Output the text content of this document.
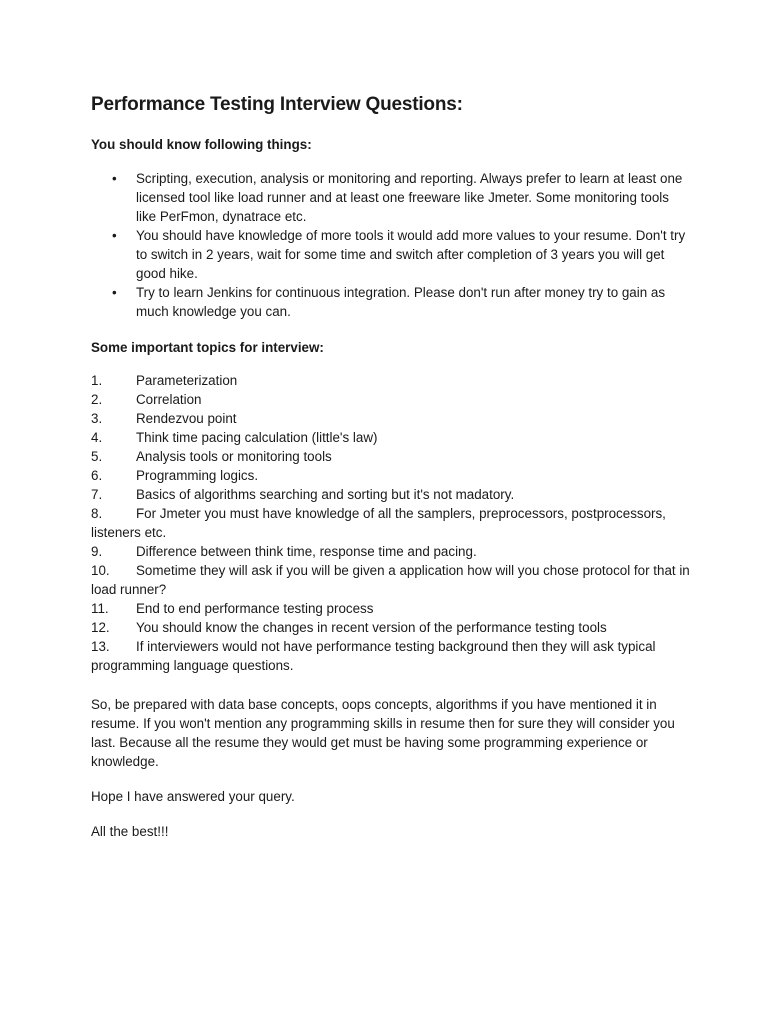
Performance Testing Interview Questions:

You should know following things:

• Scripting, execution, analysis or monitoring and reporting. Always prefer to learn at least one licensed tool like load runner and at least one freeware like Jmeter. Some monitoring tools like PerFmon, dynatrace etc.
• You should have knowledge of more tools it would add more values to your resume. Don't try to switch in 2 years, wait for some time and switch after completion of 3 years you will get good hike.
• Try to learn Jenkins for continuous integration. Please don't run after money try to gain as much knowledge you can.

Some important topics for interview:

1.	Parameterization
2.	Correlation
3.	Rendezvou point
4.	Think time pacing calculation (little's law)
5.	Analysis tools or monitoring tools
6.	Programming logics.
7.	Basics of algorithms searching and sorting but it's not madatory.
8.	For Jmeter you must have knowledge of all the samplers, preprocessors, postprocessors, listeners etc.
9.	Difference between think time, response time and pacing.
10.	Sometime they will ask if you will be given a application how will you chose protocol for that in load runner?
11.	End to end performance testing process
12.	You should know the changes in recent version of the performance testing tools
13.	If interviewers would not have performance testing background then they will ask typical programming language questions.

So, be prepared with data base concepts, oops concepts, algorithms if you have mentioned it in resume. If you won't mention any programming skills in resume then for sure they will consider you last. Because all the resume they would get must be having some programming experience or knowledge.

Hope I have answered your query.

All the best!!!
